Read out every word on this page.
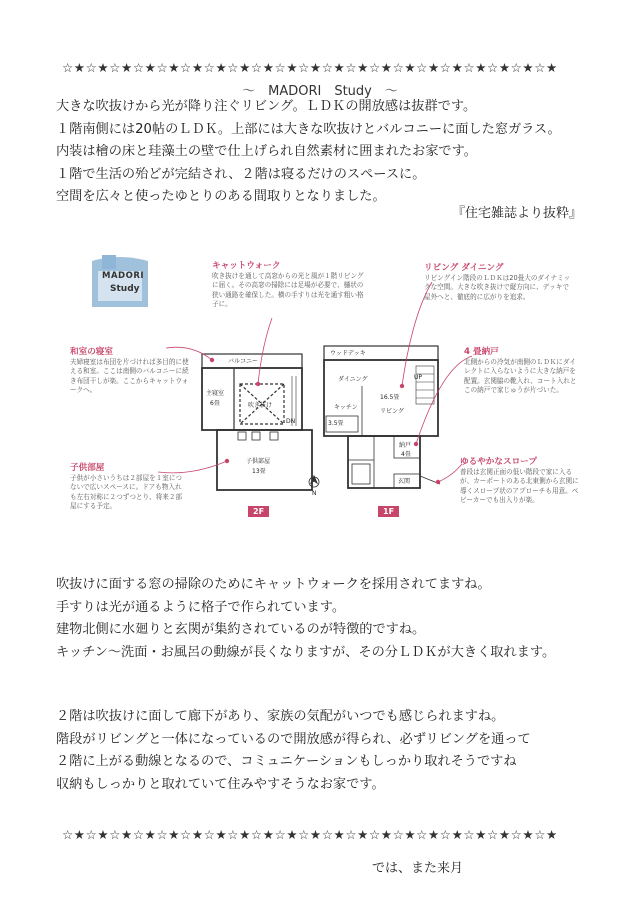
☆★☆★☆★☆★☆★☆★☆★☆★☆★☆★☆★☆★☆★☆★☆★☆★☆★☆★☆★☆★☆★
～　MADORI　Study　～
大きな吹抜けから光が降り注ぐリビング。ＬＤＫの開放感は抜群です。
１階南側には20帖のＬＤＫ。上部には大きな吹抜けとバルコニーに面した窓ガラス。
内装は檜の床と珪藻土の壁で仕上げられ自然素材に囲まれたお家です。
１階で生活の殆どが完結され、２階は寝るだけのスペースに。
空間を広々と使ったゆとりのある間取りとなりました。
『住宅雑誌より抜粋』
MADORI
Study
キャットウォーク
吹き抜けを通して高窓からの光と風が１階リビングに届く。その高窓の掃除には足場が必要で、樋状の狭い通路を確保した。横の手すりは光を通す粗い格子に。
リビング ダイニング
リビングイン階段のＬＤＫは20畳大のダイナミックな空間。大きな吹き抜けで縦方向に、デッキで屋外へと、徹底的に広がりを追求。
和室の寝室
夫婦寝室は布団を片づければ多目的に使える和室。ここは南側のバルコニーに続き布団干しが楽。ここからキャットウォークへ。
4 畳納戸
北側からの冷気が南側のＬＤＫにダイレクトに入らないように大きな納戸を配置。玄関脇の靴入れ、コート入れとこの納戸で家じゅうが片づいた。
子供部屋
子供が小さいうちは２部屋を１室につないで広いスペースに。ドアも物入れも左右対称に２つずつとり、将来２部屋にする予定。
ゆるやかなスロープ
普段は玄関正面の低い階段で家に入るが、カーポートのある北東側から玄関に導くスロープ状のアプローチも用意。ベビーカーでも出入りが楽。
バルコニー
主寝室
6畳	吹き抜け
DN
子供部屋
13畳
2F
ウッドデッキ
ダイニング
16.5畳
キッチン
リビング
3.5畳
UP
納戸
4畳
玄関
1F
N
吹抜けに面する窓の掃除のためにキャットウォークを採用されてますね。
手すりは光が通るように格子で作られています。
建物北側に水廻りと玄関が集約されているのが特徴的ですね。
キッチン～洗面・お風呂の動線が長くなりますが、その分ＬＤＫが大きく取れます。
２階は吹抜けに面して廊下があり、家族の気配がいつでも感じられますね。
階段がリビングと一体になっているので開放感が得られ、必ずリビングを通って
２階に上がる動線となるので、コミュニケーションもしっかり取れそうですね
収納もしっかりと取れていて住みやすそうなお家です。
☆★☆★☆★☆★☆★☆★☆★☆★☆★☆★☆★☆★☆★☆★☆★☆★☆★☆★☆★☆★☆★
では、また来月
